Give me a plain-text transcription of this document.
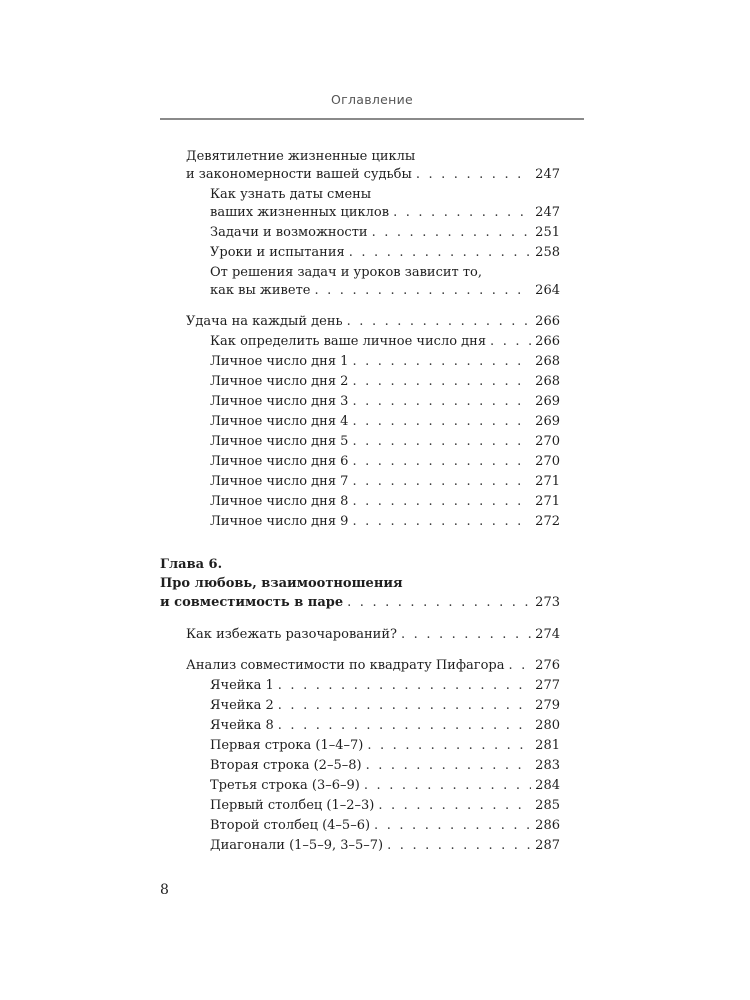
Оглавление
Девятилетние жизненные циклы
и закономерности вашей судьбы . . .	247
Как узнать даты смены
ваших жизненных циклов . . .	247
Задачи и возможности . . .	251
Уроки и испытания . . .	258
От решения задач и уроков зависит то,
как вы живете . . .	264
Удача на каждый день . . .	266
Как определить ваше личное число дня . . .	266
Личное число дня 1 . . .	268
Личное число дня 2 . . .	268
Личное число дня 3 . . .	269
Личное число дня 4 . . .	269
Личное число дня 5 . . .	270
Личное число дня 6 . . .	270
Личное число дня 7 . . .	271
Личное число дня 8 . . .	271
Личное число дня 9 . . .	272
Глава 6.
Про любовь, взаимоотношения
и совместимость в паре . . .	273
Как избежать разочарований? . . .	274
Анализ совместимости по квадрату Пифагора . . . 276
Ячейка 1 . . .	277
Ячейка 2 . . .	279
Ячейка 8 . . .	280
Первая строка (1–4–7) . . .	281
Вторая строка (2–5–8) . . .	283
Третья строка (3–6–9) . . .	284
Первый столбец (1–2–3) . . .	285
Второй столбец (4–5–6) . . .	286
Диагонали (1–5–9, 3–5–7) . . .	287
8
